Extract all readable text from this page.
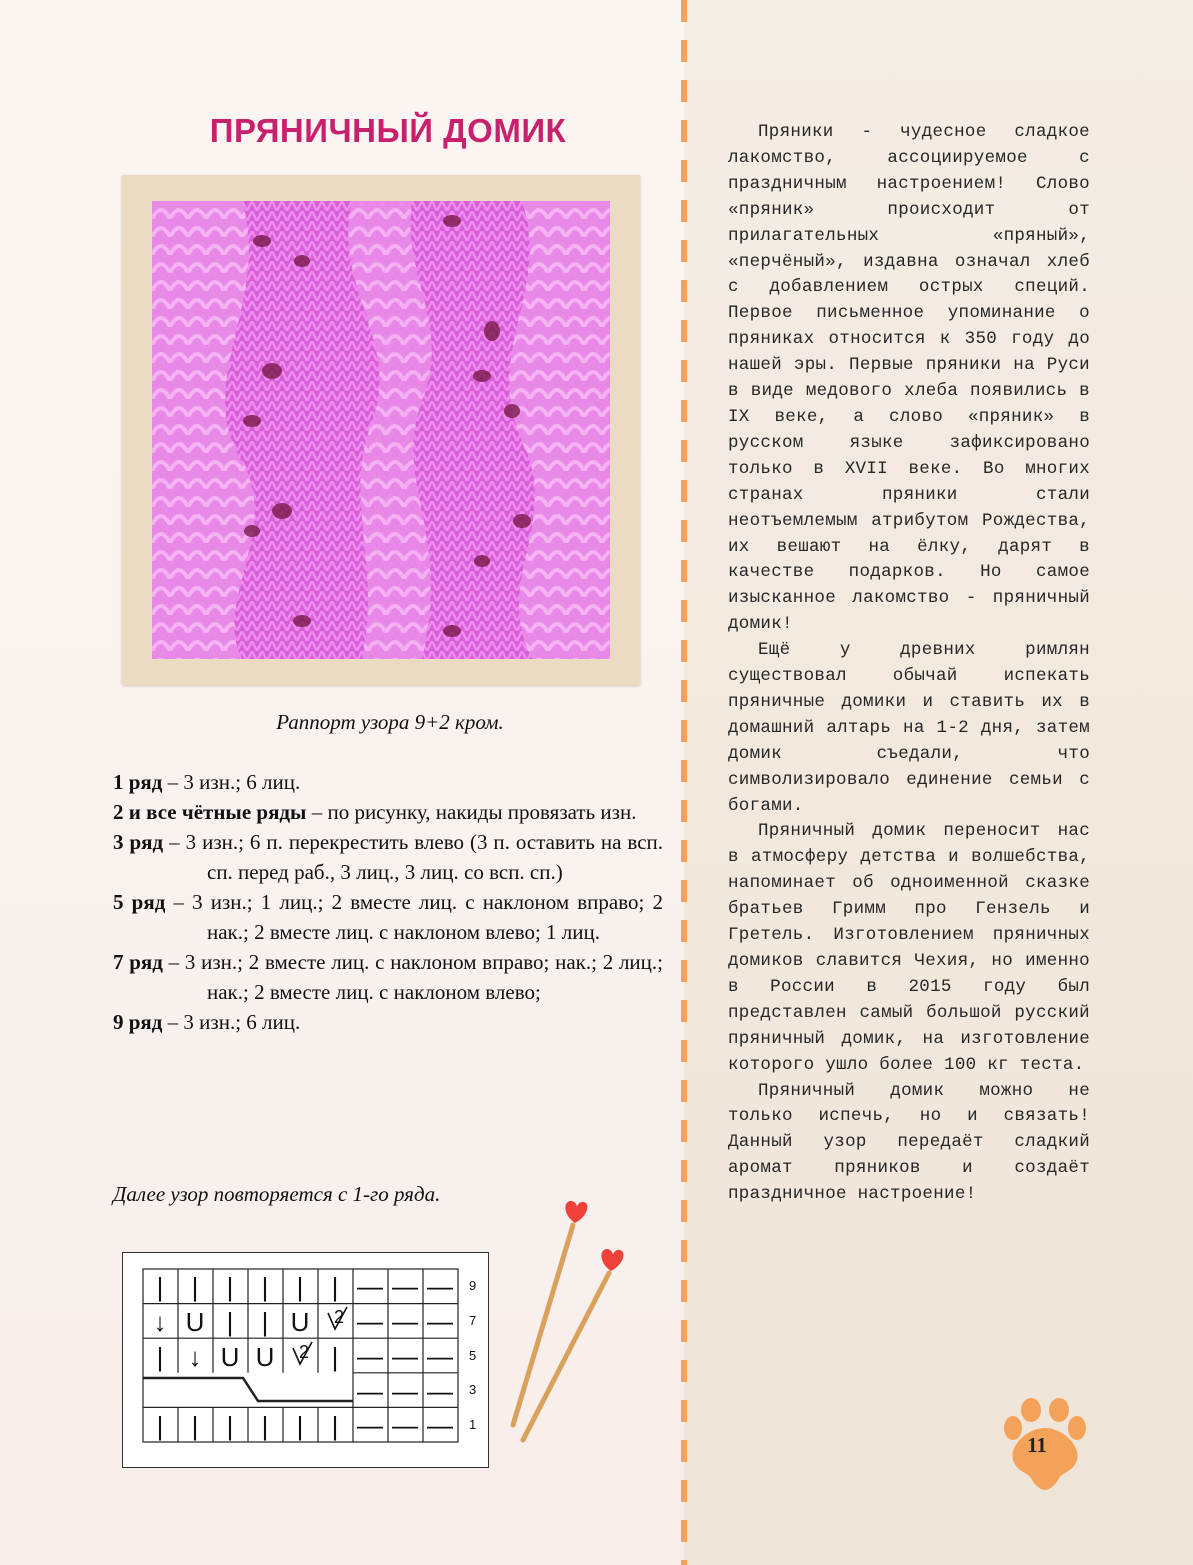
ПРЯНИЧНЫЙ ДОМИК

Раппорт узора 9+2 кром.

1 ряд – 3 изн.; 6 лиц.

2 и все чётные ряды – по рисунку, накиды провязать изн.

3 ряд – 3 изн.; 6 п. перекрестить влево (3 п. оставить на всп. сп. перед раб., 3 лиц., 3 лиц. со всп. сп.)

5 ряд – 3 изн.; 1 лиц.; 2 вместе лиц. с наклоном вправо; 2 нак.; 2 вместе лиц. с наклоном влево; 1 лиц.

7 ряд – 3 изн.; 2 вместе лиц. с наклоном вправо; нак.; 2 лиц.; нак.; 2 вместе лиц. с наклоном влево;

9 ряд – 3 изн.; 6 лиц.

Далее узор повторяется с 1-го ряда.

| | | | | | — — —
↓ U | | U 2 — — —
| ↓ U U 2 | — — —
— — —
| | | | | | — — —
9
7
5
3
1

Пряники - чудесное сладкое лакомство, ассоциируемое с праздничным настроением! Слово «пряник» происходит от прилагательных «пряный», «перчёный», издавна означал хлеб с добавлением острых специй. Первое письменное упоминание о пряниках относится к 350 году до нашей эры. Первые пряники на Руси в виде медового хлеба появились в IX веке, а слово «пряник» в русском языке зафиксировано только в XVII веке. Во многих странах пряники стали неотъемлемым атрибутом Рождества, их вешают на ёлку, дарят в качестве подарков. Но самое изысканное лакомство - пряничный домик!

Ещё у древних римлян существовал обычай испекать пряничные домики и ставить их в домашний алтарь на 1-2 дня, затем домик съедали, что символизировало единение семьи с богами.

Пряничный домик переносит нас в атмосферу детства и волшебства, напоминает об одноименной сказке братьев Гримм про Гензель и Гретель. Изготовлением пряничных домиков славится Чехия, но именно в России в 2015 году был представлен самый большой русский пряничный домик, на изготовление которого ушло более 100 кг теста.

Пряничный домик можно не только испечь, но и связать! Данный узор передаёт сладкий аромат пряников и создаёт праздничное настроение!

11
